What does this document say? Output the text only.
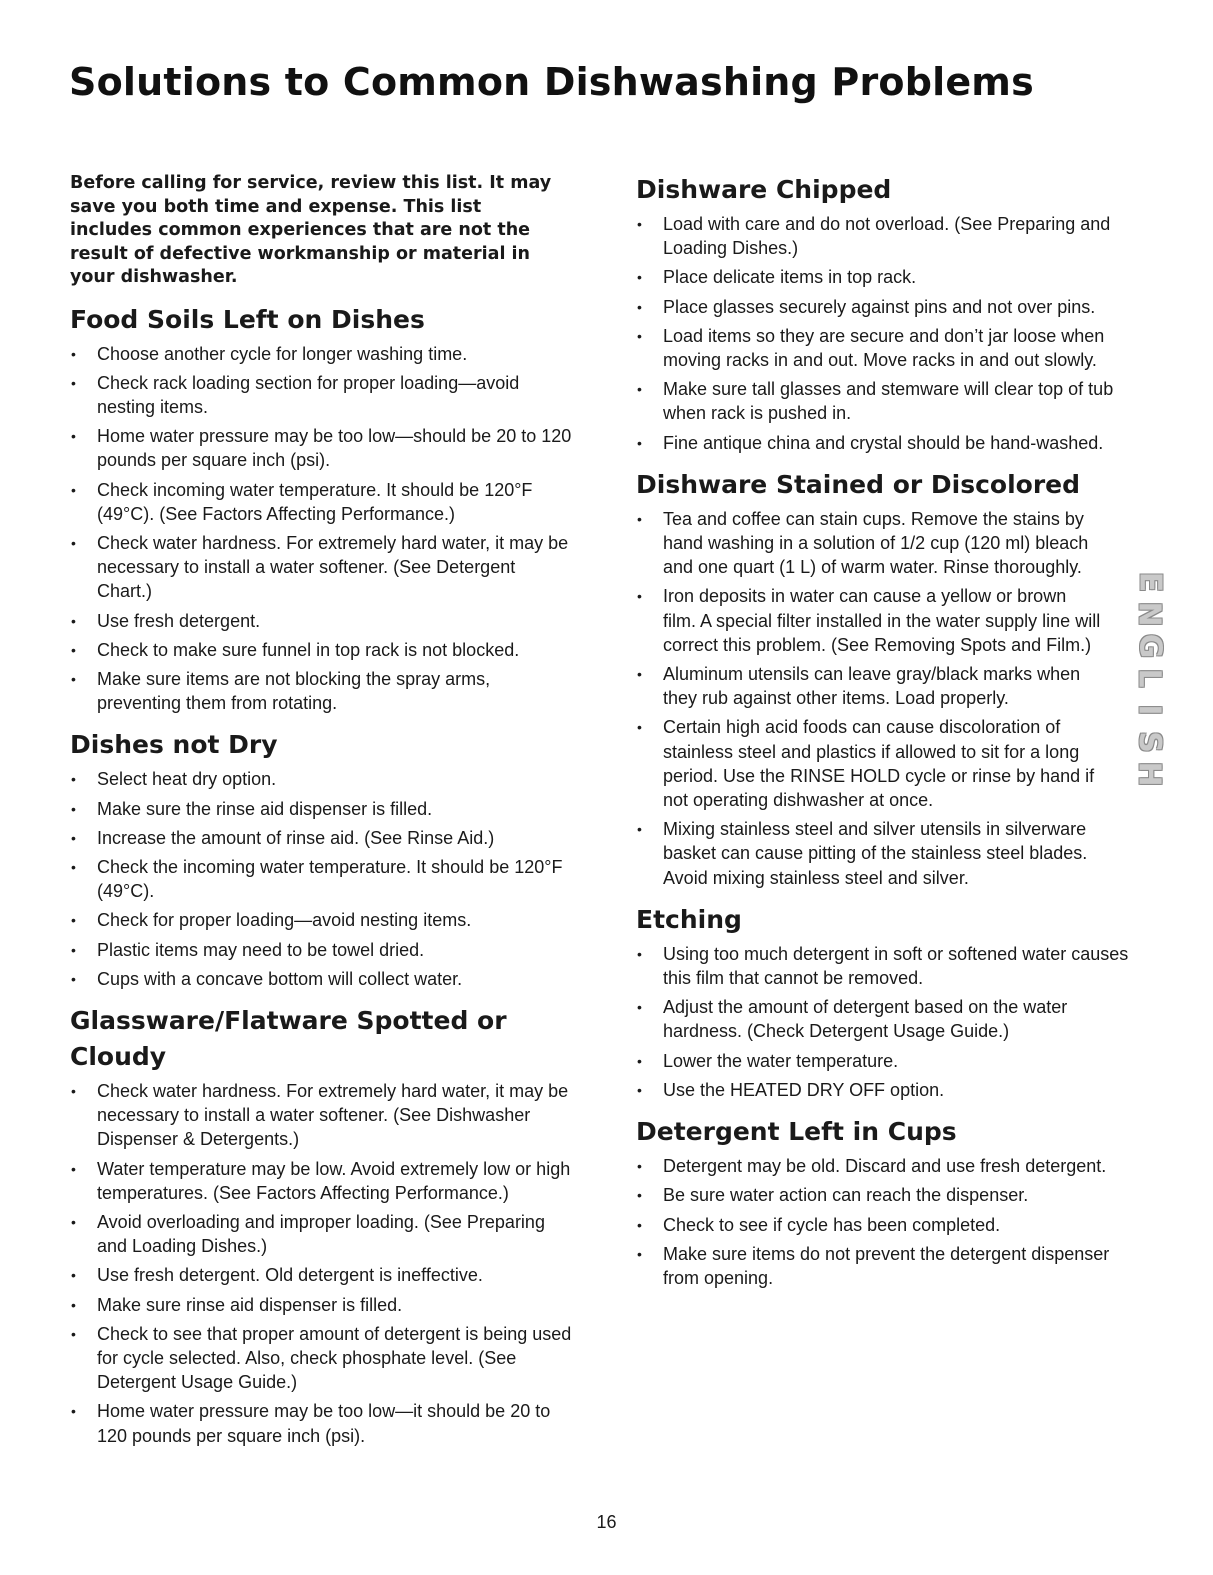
Solutions to Common Dishwashing Problems

Before calling for service, review this list. It may save you both time and expense. This list includes common experiences that are not the result of defective workmanship or material in your dishwasher.

Food Soils Left on Dishes
• Choose another cycle for longer washing time.
• Check rack loading section for proper loading—avoid nesting items.
• Home water pressure may be too low—should be 20 to 120 pounds per square inch (psi).
• Check incoming water temperature. It should be 120°F (49°C). (See Factors Affecting Performance.)
• Check water hardness. For extremely hard water, it may be necessary to install a water softener. (See Detergent Chart.)
• Use fresh detergent.
• Check to make sure funnel in top rack is not blocked.
• Make sure items are not blocking the spray arms, preventing them from rotating.
Dishes not Dry
• Select heat dry option.
• Make sure the rinse aid dispenser is filled.
• Increase the amount of rinse aid. (See Rinse Aid.)
• Check the incoming water temperature. It should be 120°F (49°C).
• Check for proper loading—avoid nesting items.
• Plastic items may need to be towel dried.
• Cups with a concave bottom will collect water.
Glassware/Flatware Spotted or Cloudy
• Check water hardness. For extremely hard water, it may be necessary to install a water softener. (See Dishwasher Dispenser & Detergents.)
• Water temperature may be low. Avoid extremely low or high temperatures. (See Factors Affecting Performance.)
• Avoid overloading and improper loading. (See Preparing and Loading Dishes.)
• Use fresh detergent. Old detergent is ineffective.
• Make sure rinse aid dispenser is filled.
• Check to see that proper amount of detergent is being used for cycle selected. Also, check phosphate level. (See Detergent Usage Guide.)
• Home water pressure may be too low—it should be 20 to 120 pounds per square inch (psi).
Dishware Chipped
• Load with care and do not overload. (See Preparing and Loading Dishes.)
• Place delicate items in top rack.
• Place glasses securely against pins and not over pins.
• Load items so they are secure and don’t jar loose when moving racks in and out. Move racks in and out slowly.
• Make sure tall glasses and stemware will clear top of tub when rack is pushed in.
• Fine antique china and crystal should be hand-washed.
Dishware Stained or Discolored
• Tea and coffee can stain cups. Remove the stains by hand washing in a solution of 1/2 cup (120 ml) bleach and one quart (1 L) of warm water. Rinse thoroughly.
• Iron deposits in water can cause a yellow or brown film. A special filter installed in the water supply line will correct this problem. (See Removing Spots and Film.)
• Aluminum utensils can leave gray/black marks when they rub against other items. Load properly.
• Certain high acid foods can cause discoloration of stainless steel and plastics if allowed to sit for a long period. Use the RINSE HOLD cycle or rinse by hand if not operating dishwasher at once.
• Mixing stainless steel and silver utensils in silverware basket can cause pitting of the stainless steel blades. Avoid mixing stainless steel and silver.
Etching
• Using too much detergent in soft or softened water causes this film that cannot be removed.
• Adjust the amount of detergent based on the water hardness. (Check Detergent Usage Guide.)
• Lower the water temperature.
• Use the HEATED DRY OFF option.
Detergent Left in Cups
• Detergent may be old. Discard and use fresh detergent.
• Be sure water action can reach the dispenser.
• Check to see if cycle has been completed.
• Make sure items do not prevent the detergent dispenser from opening.
E
N
G
L
I
S
H
16
